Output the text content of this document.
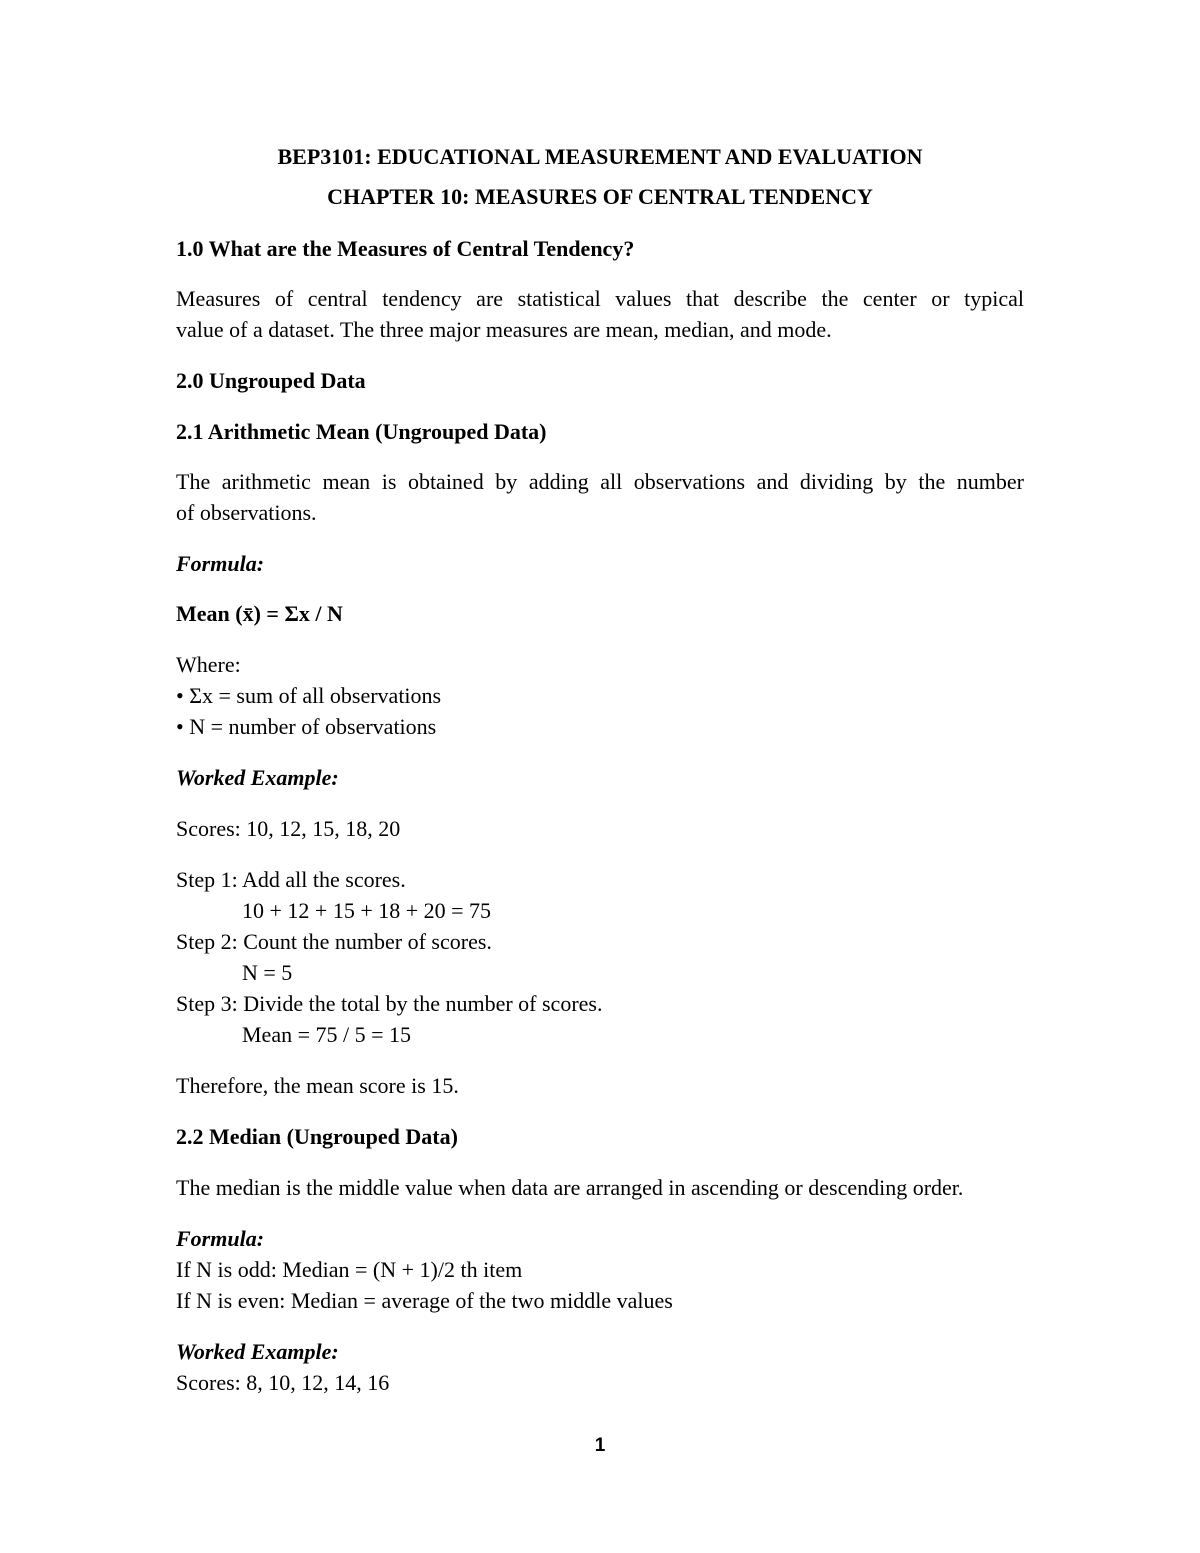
BEP3101: EDUCATIONAL MEASUREMENT AND EVALUATION

CHAPTER 10: MEASURES OF CENTRAL TENDENCY

1.0 What are the Measures of Central Tendency?

Measures of central tendency are statistical values that describe the center or typical

value of a dataset. The three major measures are mean, median, and mode.

2.0 Ungrouped Data

2.1 Arithmetic Mean (Ungrouped Data)

The arithmetic mean is obtained by adding all observations and dividing by the number

of observations.

Formula:

Mean (x̄) = Σx / N

Where:

• Σx = sum of all observations

• N = number of observations

Worked Example:

Scores: 10, 12, 15, 18, 20

Step 1: Add all the scores.

10 + 12 + 15 + 18 + 20 = 75

Step 2: Count the number of scores.

N = 5

Step 3: Divide the total by the number of scores.

Mean = 75 / 5 = 15

Therefore, the mean score is 15.

2.2 Median (Ungrouped Data)

The median is the middle value when data are arranged in ascending or descending order.

Formula:

If N is odd: Median = (N + 1)/2 th item

If N is even: Median = average of the two middle values

Worked Example:

Scores: 8, 10, 12, 14, 16

1
